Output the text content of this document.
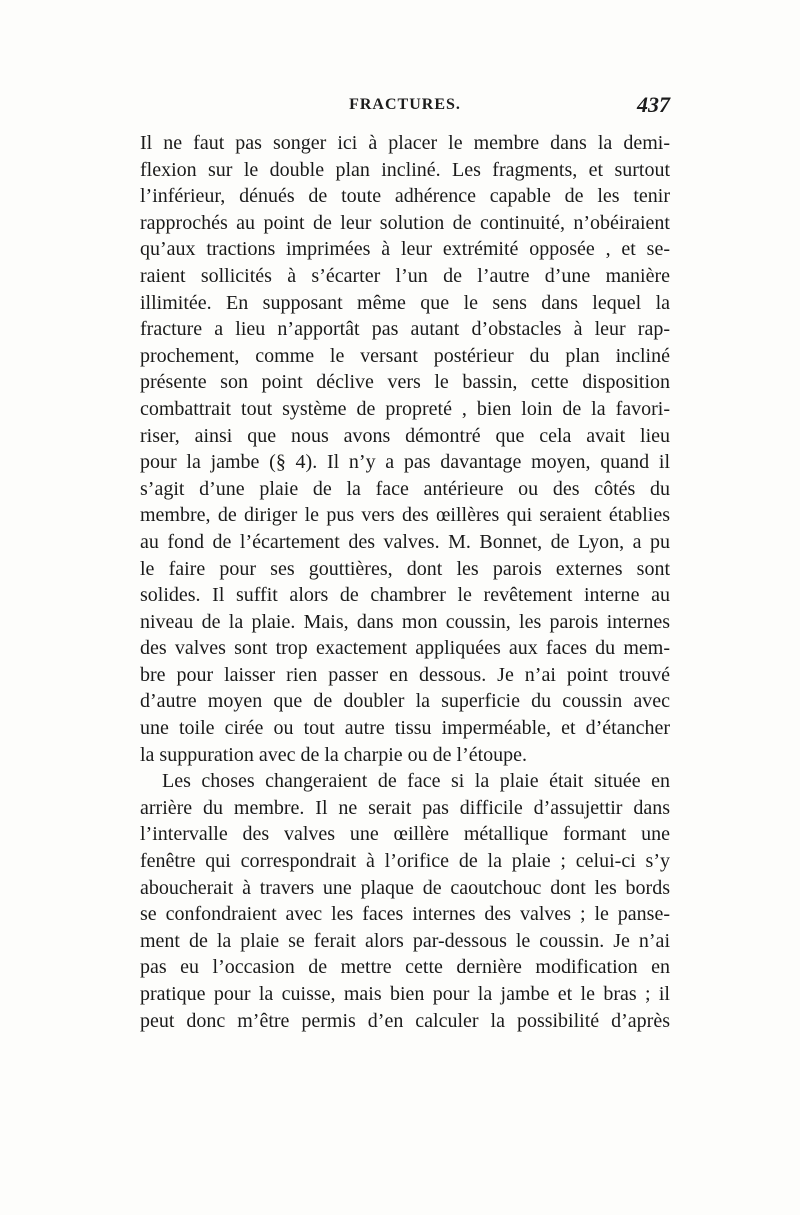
FRACTURES.	437
Il ne faut pas songer ici à placer le membre dans la demi-
flexion sur le double plan incliné. Les fragments, et surtout
l’inférieur, dénués de toute adhérence capable de les tenir
rapprochés au point de leur solution de continuité, n’obéiraient
qu’aux tractions imprimées à leur extrémité opposée , et se-
raient sollicités à s’écarter l’un de l’autre d’une manière
illimitée. En supposant même que le sens dans lequel la
fracture a lieu n’apportât pas autant d’obstacles à leur rap-
prochement, comme le versant postérieur du plan incliné
présente son point déclive vers le bassin, cette disposition
combattrait tout système de propreté , bien loin de la favori-
riser, ainsi que nous avons démontré que cela avait lieu
pour la jambe (§ 4). Il n’y a pas davantage moyen, quand il
s’agit d’une plaie de la face antérieure ou des côtés du
membre, de diriger le pus vers des œillères qui seraient établies
au fond de l’écartement des valves. M. Bonnet, de Lyon, a pu
le faire pour ses gouttières, dont les parois externes sont
solides. Il suffit alors de chambrer le revêtement interne au
niveau de la plaie. Mais, dans mon coussin, les parois internes
des valves sont trop exactement appliquées aux faces du mem-
bre pour laisser rien passer en dessous. Je n’ai point trouvé
d’autre moyen que de doubler la superficie du coussin avec
une toile cirée ou tout autre tissu imperméable, et d’étancher
la suppuration avec de la charpie ou de l’étoupe.
Les choses changeraient de face si la plaie était située en
arrière du membre. Il ne serait pas difficile d’assujettir dans
l’intervalle des valves une œillère métallique formant une
fenêtre qui correspondrait à l’orifice de la plaie ; celui-ci s’y
aboucherait à travers une plaque de caoutchouc dont les bords
se confondraient avec les faces internes des valves ; le panse-
ment de la plaie se ferait alors par-dessous le coussin. Je n’ai
pas eu l’occasion de mettre cette dernière modification en
pratique pour la cuisse, mais bien pour la jambe et le bras ; il
peut donc m’être permis d’en calculer la possibilité d’après
